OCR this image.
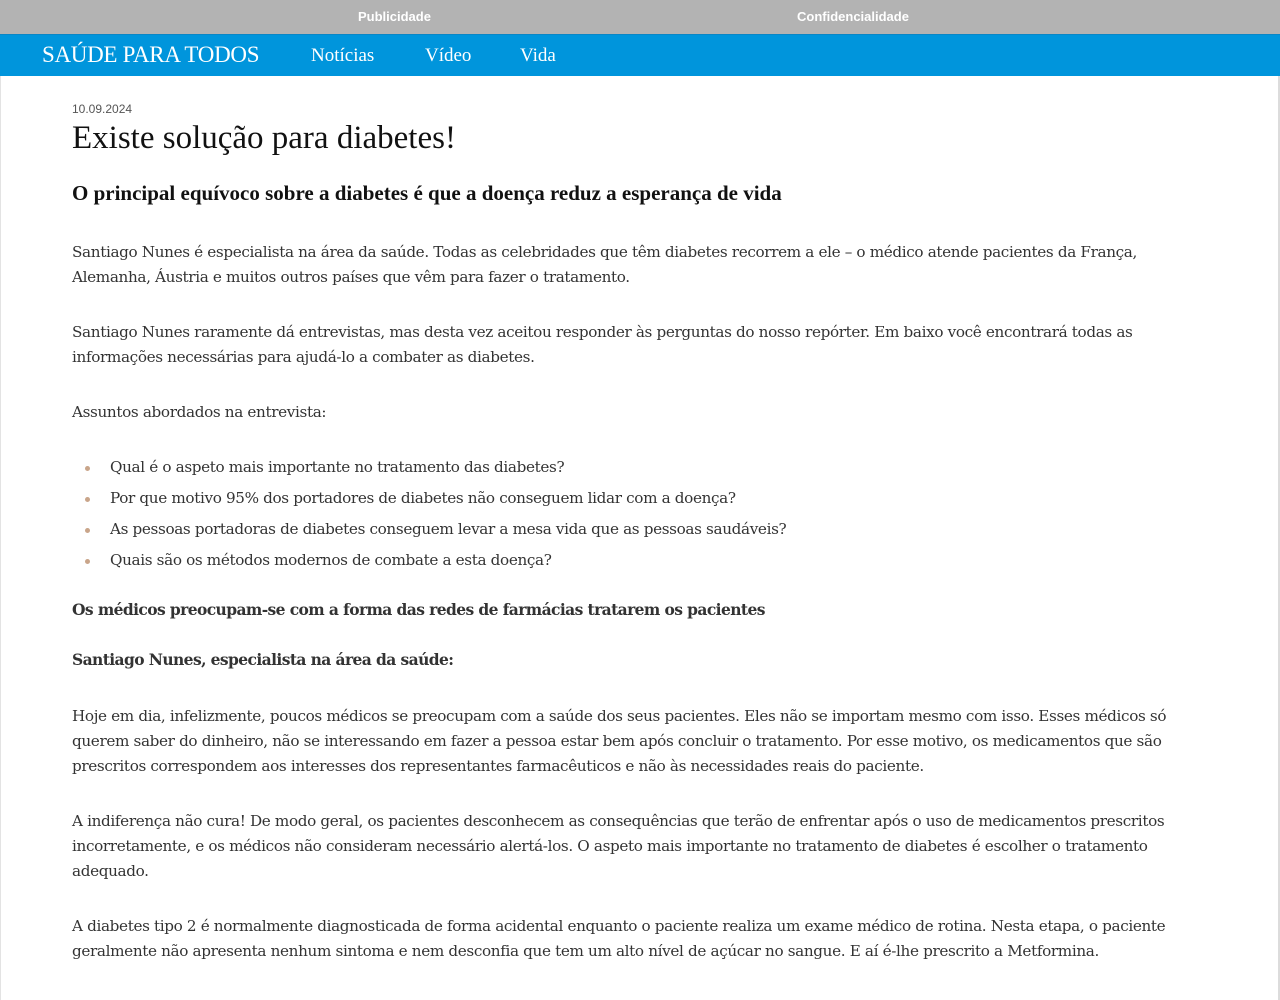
Publicidade	Confidencialidade
SAÚDE PARA TODOS	Notícias	Vídeo	Vida
10.09.2024
Existe solução para diabetes!
O principal equívoco sobre a diabetes é que a doença reduz a esperança de vida

Santiago Nunes é especialista na área da saúde. Todas as celebridades que têm diabetes recorrem a ele – o médico atende pacientes da França, Alemanha, Áustria e muitos outros países que vêm para fazer o tratamento.

Santiago Nunes raramente dá entrevistas, mas desta vez aceitou responder às perguntas do nosso repórter. Em baixo você encontrará todas as informações necessárias para ajudá-lo a combater as diabetes.

Assuntos abordados na entrevista:

Qual é o aspeto mais importante no tratamento das diabetes?
Por que motivo 95% dos portadores de diabetes não conseguem lidar com a doença?
As pessoas portadoras de diabetes conseguem levar a mesa vida que as pessoas saudáveis?
Quais são os métodos modernos de combate a esta doença?
Os médicos preocupam-se com a forma das redes de farmácias tratarem os pacientes
Santiago Nunes, especialista na área da saúde:

Hoje em dia, infelizmente, poucos médicos se preocupam com a saúde dos seus pacientes. Eles não se importam mesmo com isso. Esses médicos só querem saber do dinheiro, não se interessando em fazer a pessoa estar bem após concluir o tratamento. Por esse motivo, os medicamentos que são prescritos correspondem aos interesses dos representantes farmacêuticos e não às necessidades reais do paciente.

A indiferença não cura! De modo geral, os pacientes desconhecem as consequências que terão de enfrentar após o uso de medicamentos prescritos incorretamente, e os médicos não consideram necessário alertá-los. O aspeto mais importante no tratamento de diabetes é escolher o tratamento adequado.

A diabetes tipo 2 é normalmente diagnosticada de forma acidental enquanto o paciente realiza um exame médico de rotina. Nesta etapa, o paciente geralmente não apresenta nenhum sintoma e nem desconfia que tem um alto nível de açúcar no sangue. E aí é-lhe prescrito a Metformina.
